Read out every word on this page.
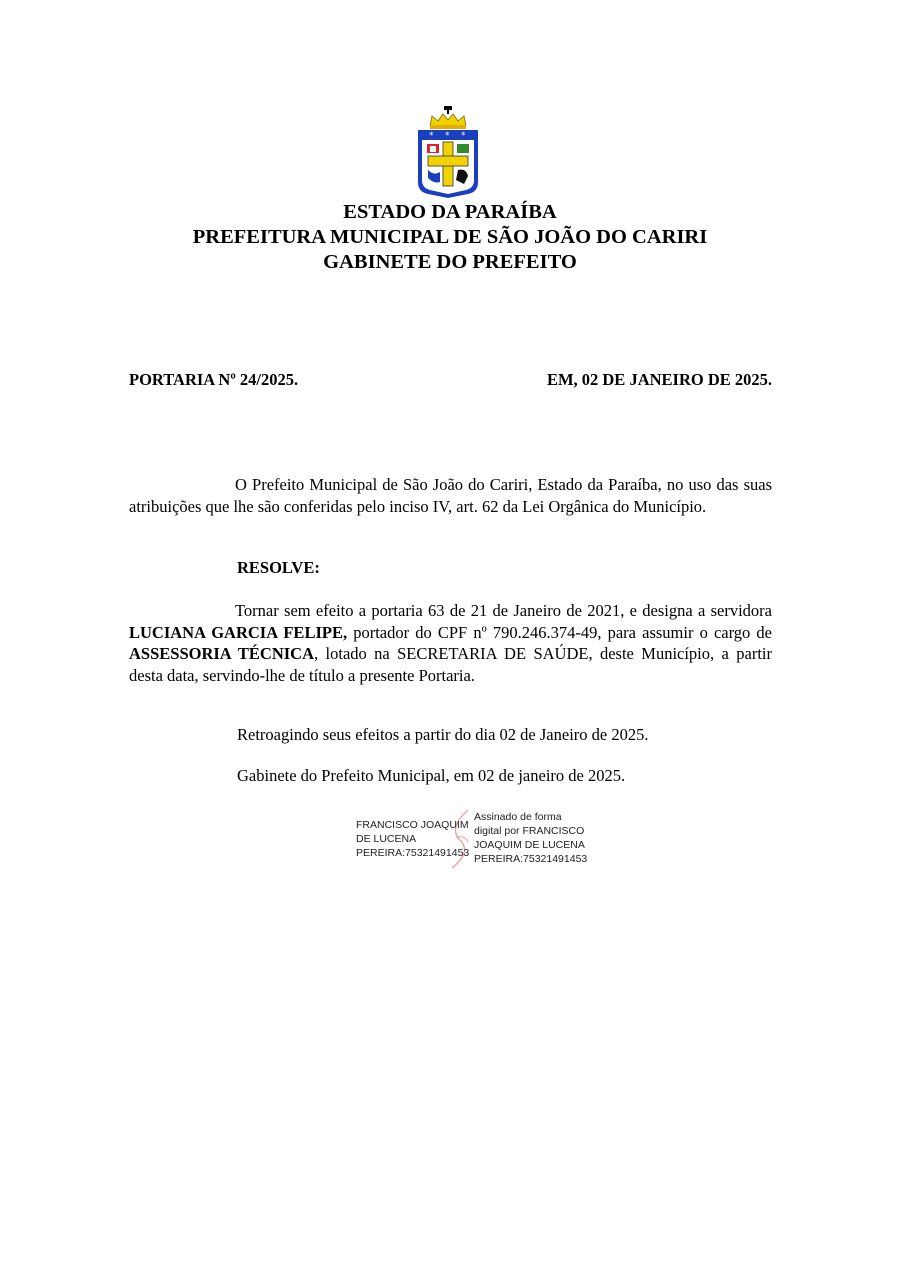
* * *
ESTADO DA PARAÍBA
PREFEITURA MUNICIPAL DE SÃO JOÃO DO CARIRI
GABINETE DO PREFEITO
PORTARIA Nº 24/2025.	EM, 02 DE JANEIRO DE 2025.
O Prefeito Municipal de São João do Cariri, Estado da Paraíba, no uso das suas atribuições que lhe são conferidas pelo inciso IV, art. 62 da Lei Orgânica do Município.
RESOLVE:
Tornar sem efeito a portaria 63 de 21 de Janeiro de 2021, e designa a servidora LUCIANA GARCIA FELIPE, portador do CPF nº 790.246.374-49, para assumir o cargo de ASSESSORIA TÉCNICA, lotado na SECRETARIA DE SAÚDE, deste Município, a partir desta data, servindo-lhe de título a presente Portaria.
Retroagindo seus efeitos a partir do dia 02 de Janeiro de 2025.
Gabinete do Prefeito Municipal, em 02 de janeiro de 2025.
FRANCISCO JOAQUIM
DE LUCENA
PEREIRA:75321491453
Assinado de forma
digital por FRANCISCO
JOAQUIM DE LUCENA
PEREIRA:75321491453
